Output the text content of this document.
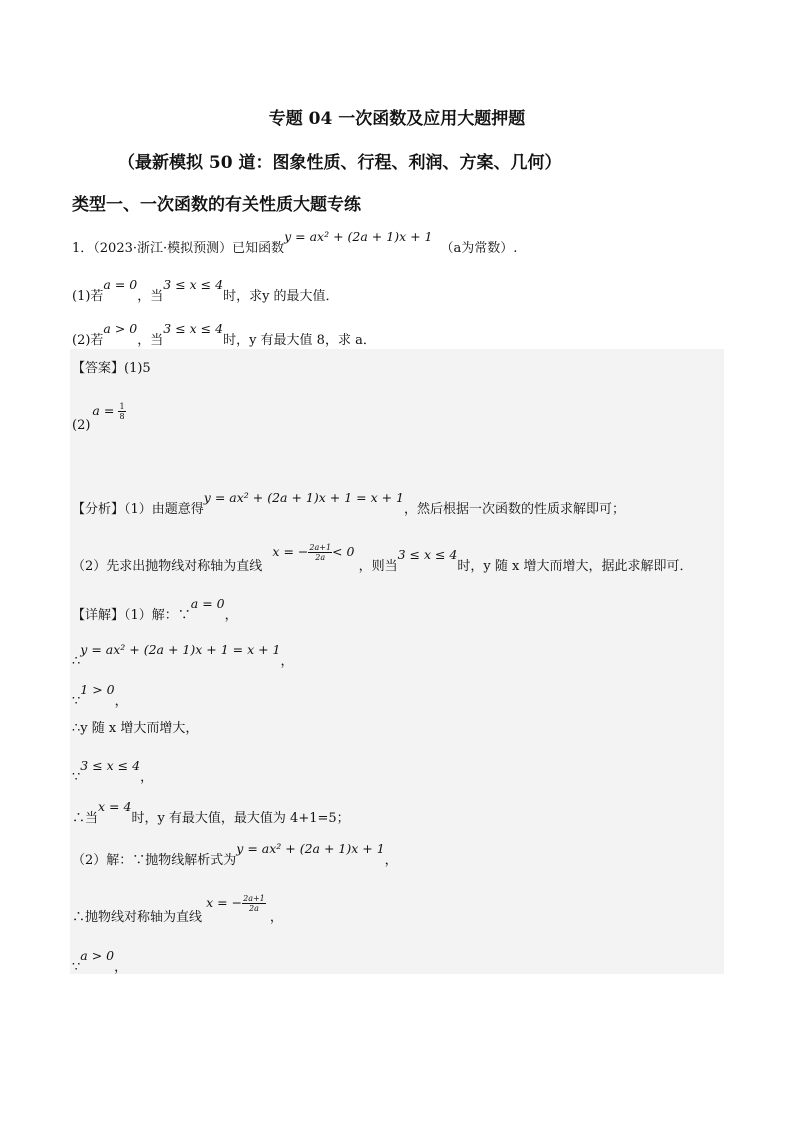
专题 04 一次函数及应用大题押题
（最新模拟 50 道：图象性质、行程、利润、方案、几何）
类型一、一次函数的有关性质大题专练
1．（2023·浙江·模拟预测）已知函数y = ax² + (2a + 1)x + 1（a为常数）.
(1)若a = 0，当3 ≤ x ≤ 4时，求y 的最大值．
(2)若a > 0，当3 ≤ x ≤ 4时，y 有最大值 8，求 a．
【答案】(1)5
$(2)a = \frac{1}{8}$
【分析】（1）由题意得y = ax² + (2a + 1)x + 1 = x + 1，然后根据一次函数的性质求解即可；
（2）先求出抛物线对称轴为直线 x = − $\frac{2a+1}{2a} < 0$ ，则当3 ≤ x ≤ 4时，y 随 x 增大而增大，据此求解即可．
【详解】（1）解：∵a = 0，
∴y = ax² + (2a + 1)x + 1 = x + 1，
∵1 > 0，
∴y 随 x 增大而增大，
∵3 ≤ x ≤ 4，
∴当x = 4时，y 有最大值，最大值为 4+1=5；
（2）解：∵抛物线解析式为y = ax² + (2a + 1)x + 1，
∴抛物线对称轴为直线 x = − $\frac{2a+1}{2a}$
，
∵a > 0，
